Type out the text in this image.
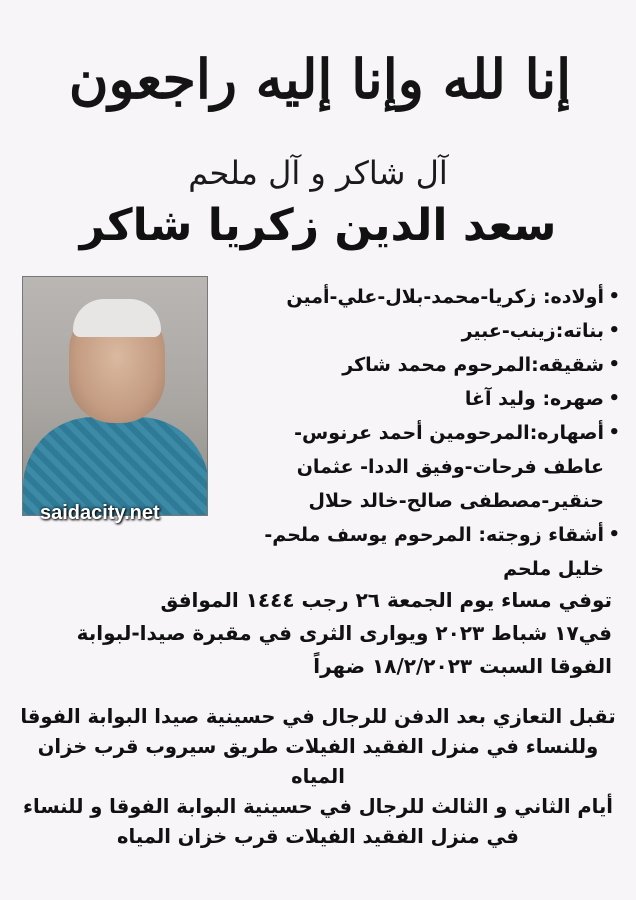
إنا لله وإنا إليه راجعون
آل شاكر و آل ملحم
سعد الدين زكريا شاكر
saidacity.net
• أولاده: زكريا-محمد-بلال-علي-أمين
• بناته:زينب-عبير
• شقيقه:المرحوم محمد شاكر
• صهره: وليد آغا
• أصهاره:المرحومين أحمد عرنوس-
عاطف فرحات-وفيق الددا- عثمان
حنقير-مصطفى صالح-خالد حلال
• أشقاء زوجته: المرحوم يوسف ملحم-
خليل ملحم
توفي مساء يوم الجمعة ٢٦ رجب ١٤٤٤ الموافق
في١٧ شباط ٢٠٢٣ ويوارى الثرى في مقبرة صيدا-لبوابة
الفوقا السبت ١٨/٢/٢٠٢٣ ضهراً
تقبل التعازي بعد الدفن للرجال في حسينية صيدا البوابة الفوقا
وللنساء في منزل الفقيد الفيلات طريق سيروب قرب خزان
المياه
أيام الثاني و الثالث للرجال في حسينية البوابة الفوقا و للنساء
في منزل الفقيد الفيلات قرب خزان المياه
